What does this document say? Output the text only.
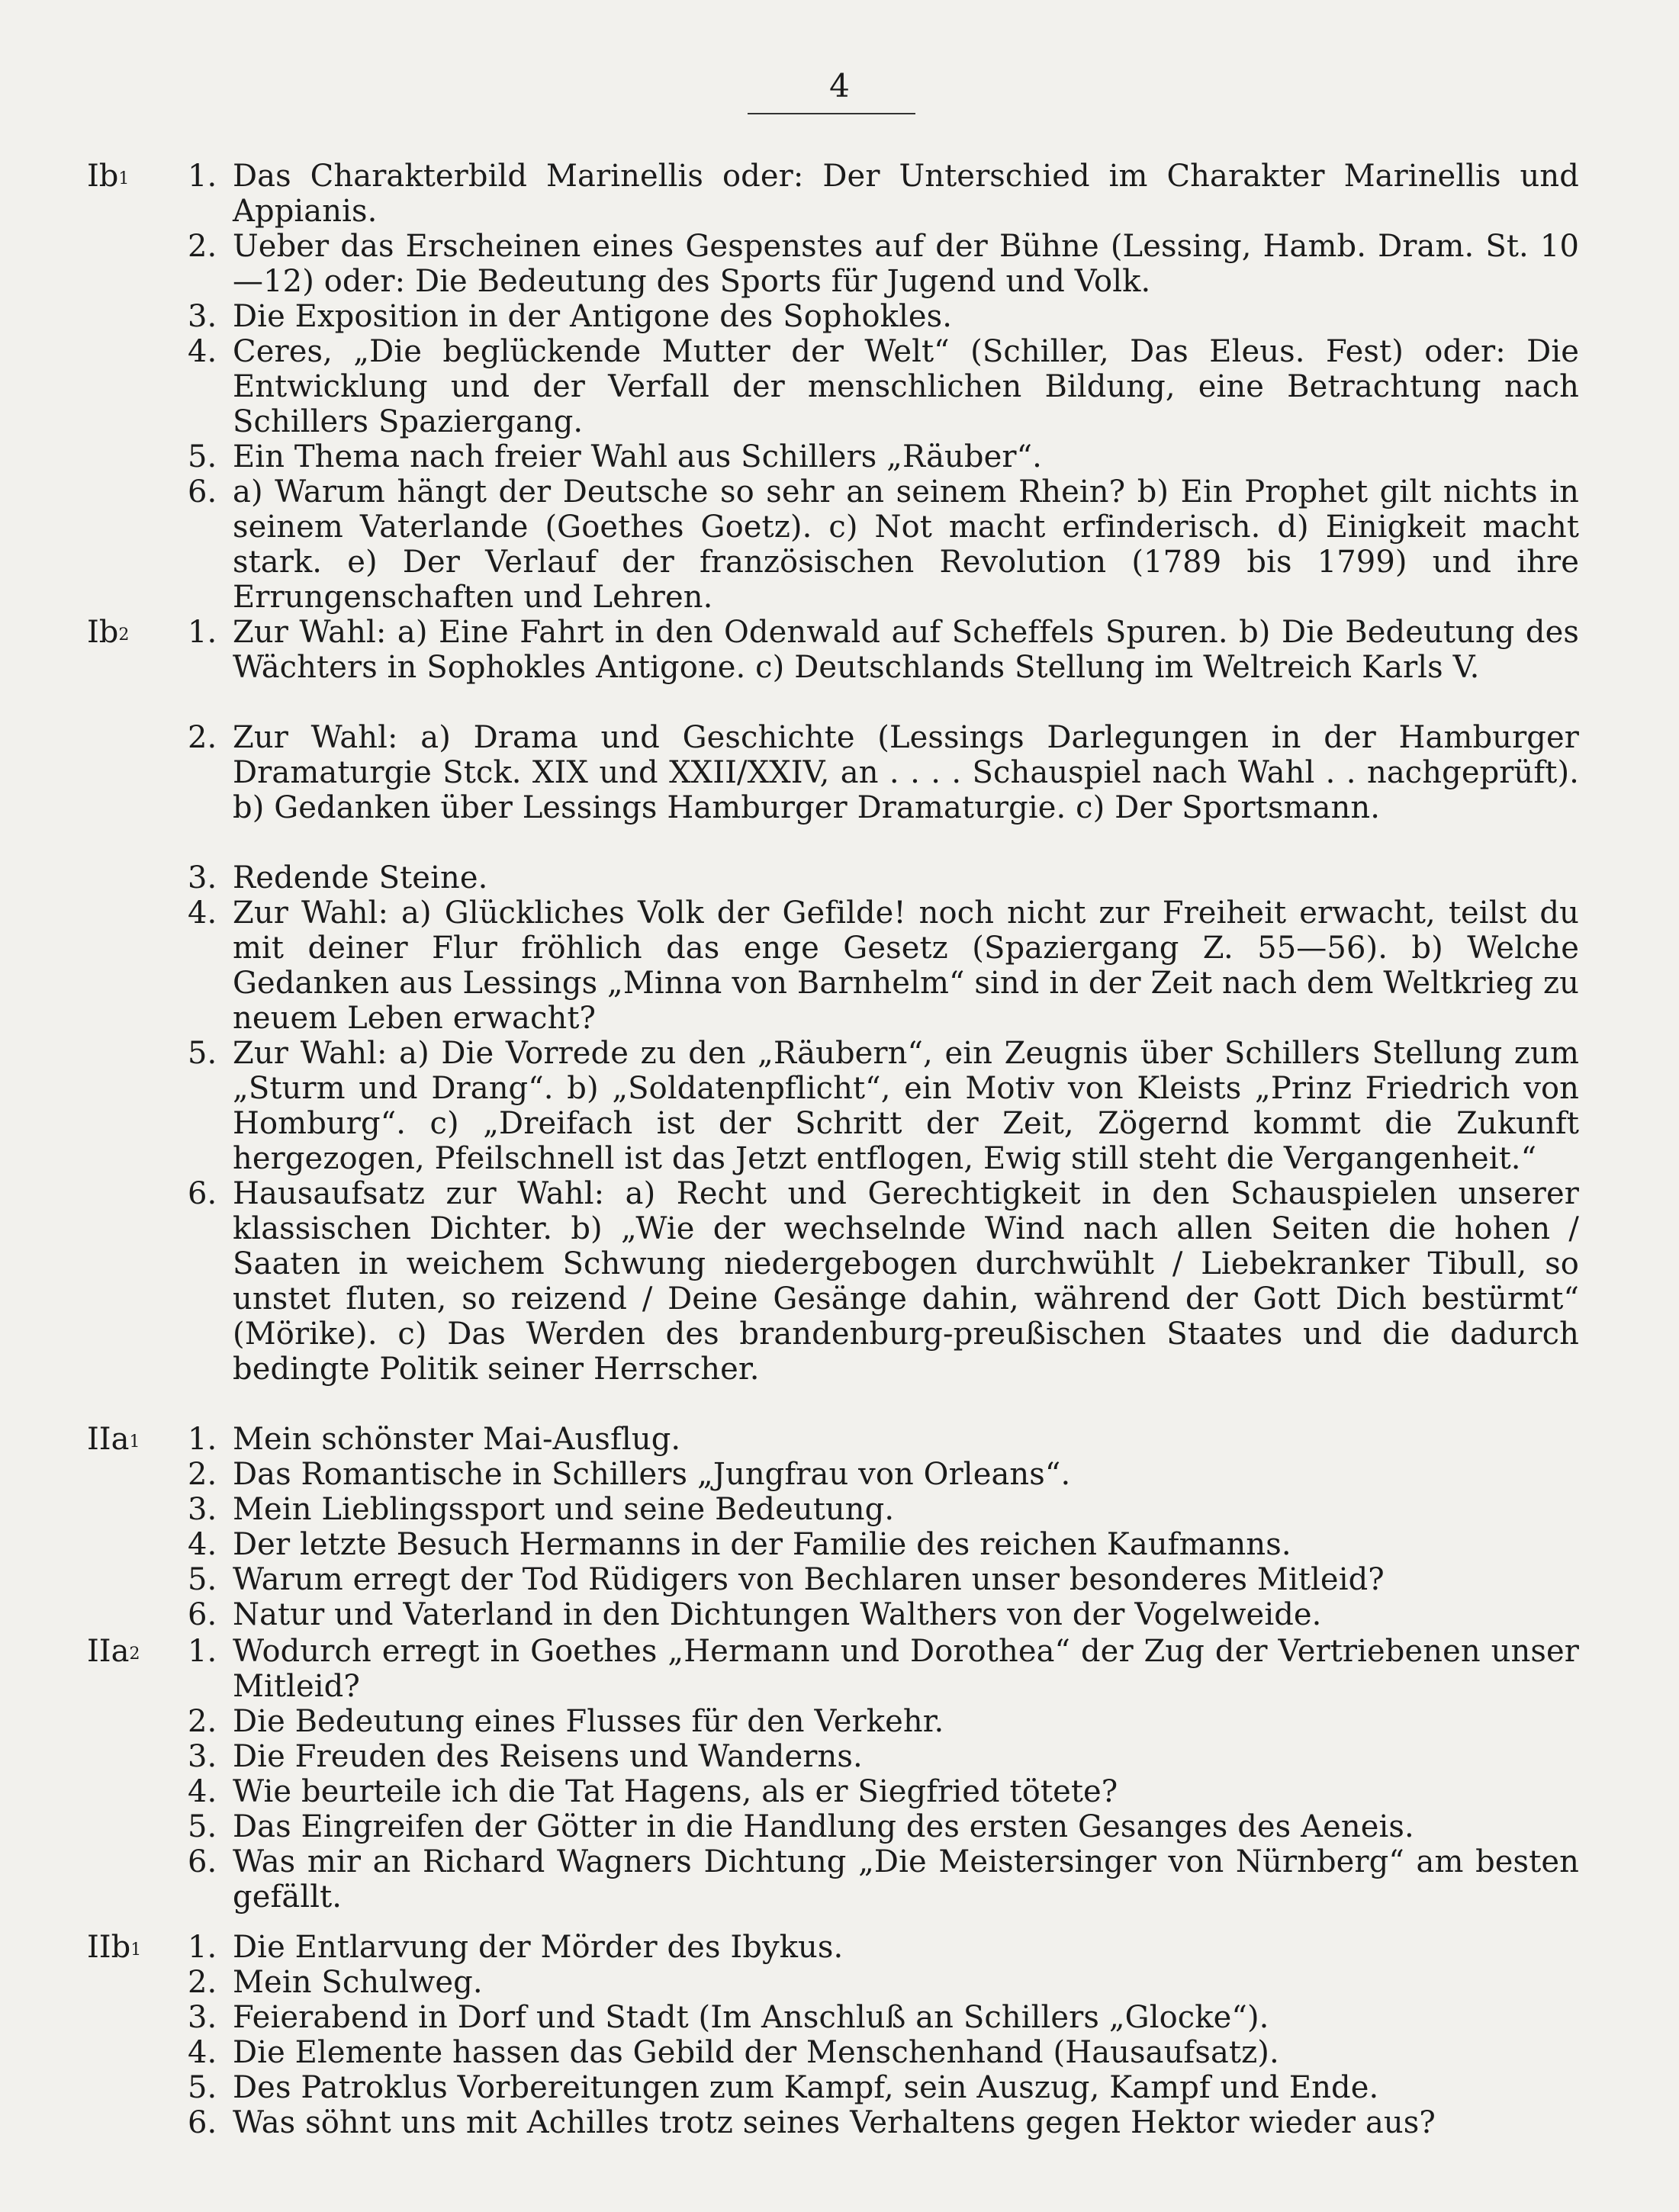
4
Ib1 1. Das Charakterbild Marinellis oder: Der Unterschied im Charakter Marinellis und Appianis.
2. Ueber das Erscheinen eines Gespenstes auf der Bühne (Lessing, Hamb. Dram. St. 10—12) oder: Die Bedeutung des Sports für Jugend und Volk.
3. Die Exposition in der Antigone des Sophokles.
4. Ceres, „Die beglückende Mutter der Welt“ (Schiller, Das Eleus. Fest) oder: Die Entwicklung und der Verfall der menschlichen Bildung, eine Betrachtung nach Schillers Spaziergang.
5. Ein Thema nach freier Wahl aus Schillers „Räuber“.
6. a) Warum hängt der Deutsche so sehr an seinem Rhein? b) Ein Prophet gilt nichts in seinem Vaterlande (Goethes Goetz). c) Not macht erfinderisch. d) Einigkeit macht stark. e) Der Verlauf der französischen Revolution (1789 bis 1799) und ihre Errungenschaften und Lehren.
Ib2 1. Zur Wahl: a) Eine Fahrt in den Odenwald auf Scheffels Spuren. b) Die Bedeutung des Wächters in Sophokles Antigone. c) Deutschlands Stellung im Weltreich Karls V.
2. Zur Wahl: a) Drama und Geschichte (Lessings Darlegungen in der Hamburger Dramaturgie Stck. XIX und XXII/XXIV, an . . . . Schauspiel nach Wahl . . nachgeprüft). b) Gedanken über Lessings Hamburger Dramaturgie. c) Der Sportsmann.
3. Redende Steine.
4. Zur Wahl: a) Glückliches Volk der Gefilde! noch nicht zur Freiheit erwacht, teilst du mit deiner Flur fröhlich das enge Gesetz (Spaziergang Z. 55—56). b) Welche Gedanken aus Lessings „Minna von Barnhelm“ sind in der Zeit nach dem Weltkrieg zu neuem Leben erwacht?
5. Zur Wahl: a) Die Vorrede zu den „Räubern“, ein Zeugnis über Schillers Stellung zum „Sturm und Drang“. b) „Soldatenpflicht“, ein Motiv von Kleists „Prinz Friedrich von Homburg“. c) „Dreifach ist der Schritt der Zeit, Zögernd kommt die Zukunft hergezogen, Pfeilschnell ist das Jetzt entflogen, Ewig still steht die Vergangenheit.“
6. Hausaufsatz zur Wahl: a) Recht und Gerechtigkeit in den Schauspielen unserer klassischen Dichter. b) „Wie der wechselnde Wind nach allen Seiten die hohen / Saaten in weichem Schwung niedergebogen durchwühlt / Liebekranker Tibull, so unstet fluten, so reizend / Deine Gesänge dahin, während der Gott Dich bestürmt“ (Mörike). c) Das Werden des brandenburg-preußischen Staates und die dadurch bedingte Politik seiner Herrscher.
IIa1 1. Mein schönster Mai-Ausflug.
2. Das Romantische in Schillers „Jungfrau von Orleans“.
3. Mein Lieblingssport und seine Bedeutung.
4. Der letzte Besuch Hermanns in der Familie des reichen Kaufmanns.
5. Warum erregt der Tod Rüdigers von Bechlaren unser besonderes Mitleid?
6. Natur und Vaterland in den Dichtungen Walthers von der Vogelweide.
IIa2 1. Wodurch erregt in Goethes „Hermann und Dorothea“ der Zug der Vertriebenen unser Mitleid?
2. Die Bedeutung eines Flusses für den Verkehr.
3. Die Freuden des Reisens und Wanderns.
4. Wie beurteile ich die Tat Hagens, als er Siegfried tötete?
5. Das Eingreifen der Götter in die Handlung des ersten Gesanges des Aeneis.
6. Was mir an Richard Wagners Dichtung „Die Meistersinger von Nürnberg“ am besten gefällt.
IIb1 1. Die Entlarvung der Mörder des Ibykus.
2. Mein Schulweg.
3. Feierabend in Dorf und Stadt (Im Anschluß an Schillers „Glocke“).
4. Die Elemente hassen das Gebild der Menschenhand (Hausaufsatz).
5. Des Patroklus Vorbereitungen zum Kampf, sein Auszug, Kampf und Ende.
6. Was söhnt uns mit Achilles trotz seines Verhaltens gegen Hektor wieder aus?
